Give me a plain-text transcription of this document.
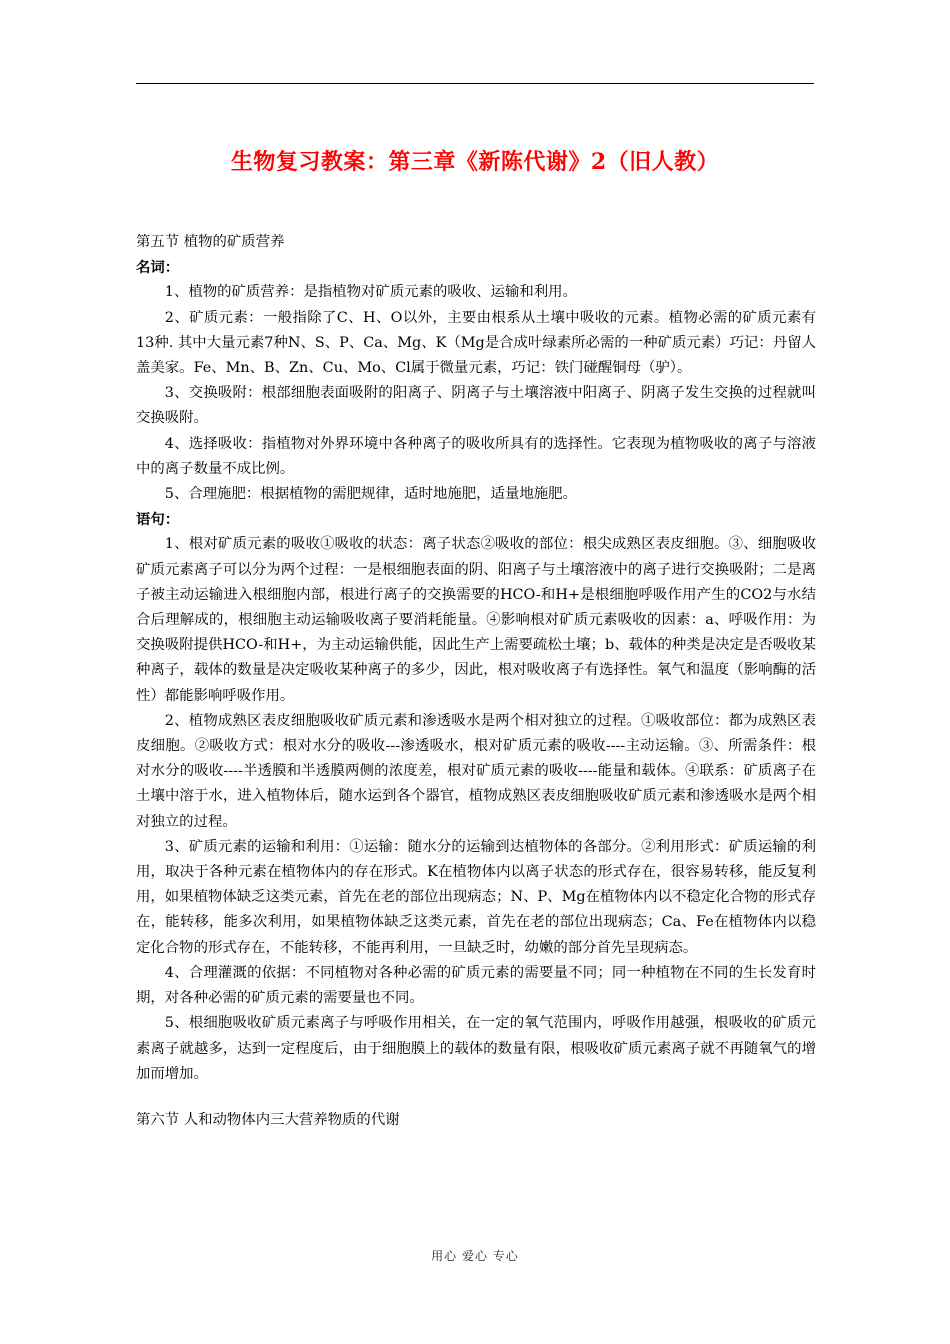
生物复习教案：第三章《新陈代谢》2（旧人教）

第五节 植物的矿质营养

名词：

1、植物的矿质营养：是指植物对矿质元素的吸收、运输和利用。

2、矿质元素：一般指除了C、H、O以外，主要由根系从土壤中吸收的元素。植物必需的矿质元素有13种. 其中大量元素7种N、S、P、Ca、Mg、K（Mg是合成叶绿素所必需的一种矿质元素）巧记：丹留人盖美家。Fe、Mn、B、Zn、Cu、Mo、Cl属于微量元素，巧记：铁门碰醒铜母（驴）。

3、交换吸附：根部细胞表面吸附的阳离子、阴离子与土壤溶液中阳离子、阴离子发生交换的过程就叫交换吸附。

4、选择吸收：指植物对外界环境中各种离子的吸收所具有的选择性。它表现为植物吸收的离子与溶液中的离子数量不成比例。

5、合理施肥：根据植物的需肥规律，适时地施肥，适量地施肥。

语句：

1、根对矿质元素的吸收①吸收的状态：离子状态②吸收的部位：根尖成熟区表皮细胞。③、细胞吸收矿质元素离子可以分为两个过程：一是根细胞表面的阴、阳离子与土壤溶液中的离子进行交换吸附；二是离子被主动运输进入根细胞内部，根进行离子的交换需要的HCO-和H+是根细胞呼吸作用产生的CO2与水结合后理解成的，根细胞主动运输吸收离子要消耗能量。④影响根对矿质元素吸收的因素：a、呼吸作用：为交换吸附提供HCO-和H+，为主动运输供能，因此生产上需要疏松土壤；b、载体的种类是决定是否吸收某种离子，载体的数量是决定吸收某种离子的多少，因此，根对吸收离子有选择性。氧气和温度（影响酶的活性）都能影响呼吸作用。

2、植物成熟区表皮细胞吸收矿质元素和渗透吸水是两个相对独立的过程。①吸收部位：都为成熟区表皮细胞。②吸收方式：根对水分的吸收---渗透吸水，根对矿质元素的吸收----主动运输。③、所需条件：根对水分的吸收----半透膜和半透膜两侧的浓度差，根对矿质元素的吸收----能量和载体。④联系：矿质离子在土壤中溶于水，进入植物体后，随水运到各个器官，植物成熟区表皮细胞吸收矿质元素和渗透吸水是两个相对独立的过程。

3、矿质元素的运输和利用：①运输：随水分的运输到达植物体的各部分。②利用形式：矿质运输的利用，取决于各种元素在植物体内的存在形式。K在植物体内以离子状态的形式存在，很容易转移，能反复利用，如果植物体缺乏这类元素，首先在老的部位出现病态；N、P、Mg在植物体内以不稳定化合物的形式存在，能转移，能多次利用，如果植物体缺乏这类元素，首先在老的部位出现病态；Ca、Fe在植物体内以稳定化合物的形式存在，不能转移，不能再利用，一旦缺乏时，幼嫩的部分首先呈现病态。

4、合理灌溉的依据：不同植物对各种必需的矿质元素的需要量不同；同一种植物在不同的生长发育时期，对各种必需的矿质元素的需要量也不同。

5、根细胞吸收矿质元素离子与呼吸作用相关，在一定的氧气范围内，呼吸作用越强，根吸收的矿质元素离子就越多，达到一定程度后，由于细胞膜上的载体的数量有限，根吸收矿质元素离子就不再随氧气的增加而增加。

第六节 人和动物体内三大营养物质的代谢

用心 爱心 专心
